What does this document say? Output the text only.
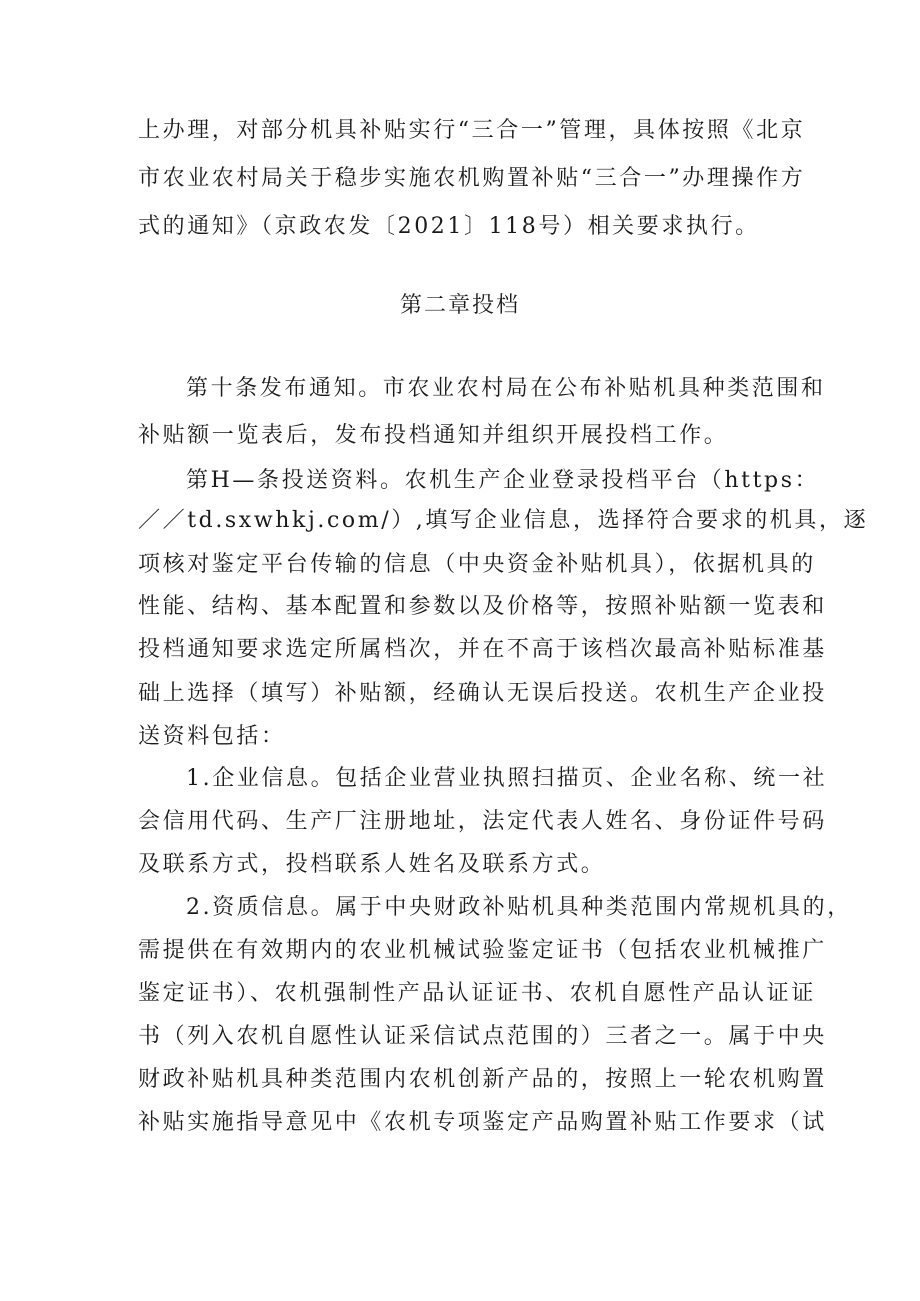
上办理，对部分机具补贴实行“三合一”管理，具体按照《北京
市农业农村局关于稳步实施农机购置补贴“三合一”办理操作方
式的通知》（京政农发〔2021〕118号）相关要求执行。
第二章投档
第十条发布通知。市农业农村局在公布补贴机具种类范围和
补贴额一览表后，发布投档通知并组织开展投档工作。
第H—条投送资料。农机生产企业登录投档平台（https：
／／td.sxwhkj.com/）,填写企业信息，选择符合要求的机具，逐
项核对鉴定平台传输的信息（中央资金补贴机具），依据机具的
性能、结构、基本配置和参数以及价格等，按照补贴额一览表和
投档通知要求选定所属档次，并在不高于该档次最高补贴标准基
础上选择（填写）补贴额，经确认无误后投送。农机生产企业投
送资料包括：
1.企业信息。包括企业营业执照扫描页、企业名称、统一社
会信用代码、生产厂注册地址，法定代表人姓名、身份证件号码
及联系方式，投档联系人姓名及联系方式。
2.资质信息。属于中央财政补贴机具种类范围内常规机具的，
需提供在有效期内的农业机械试验鉴定证书（包括农业机械推广
鉴定证书）、农机强制性产品认证证书、农机自愿性产品认证证
书（列入农机自愿性认证采信试点范围的）三者之一。属于中央
财政补贴机具种类范围内农机创新产品的，按照上一轮农机购置
补贴实施指导意见中《农机专项鉴定产品购置补贴工作要求（试
